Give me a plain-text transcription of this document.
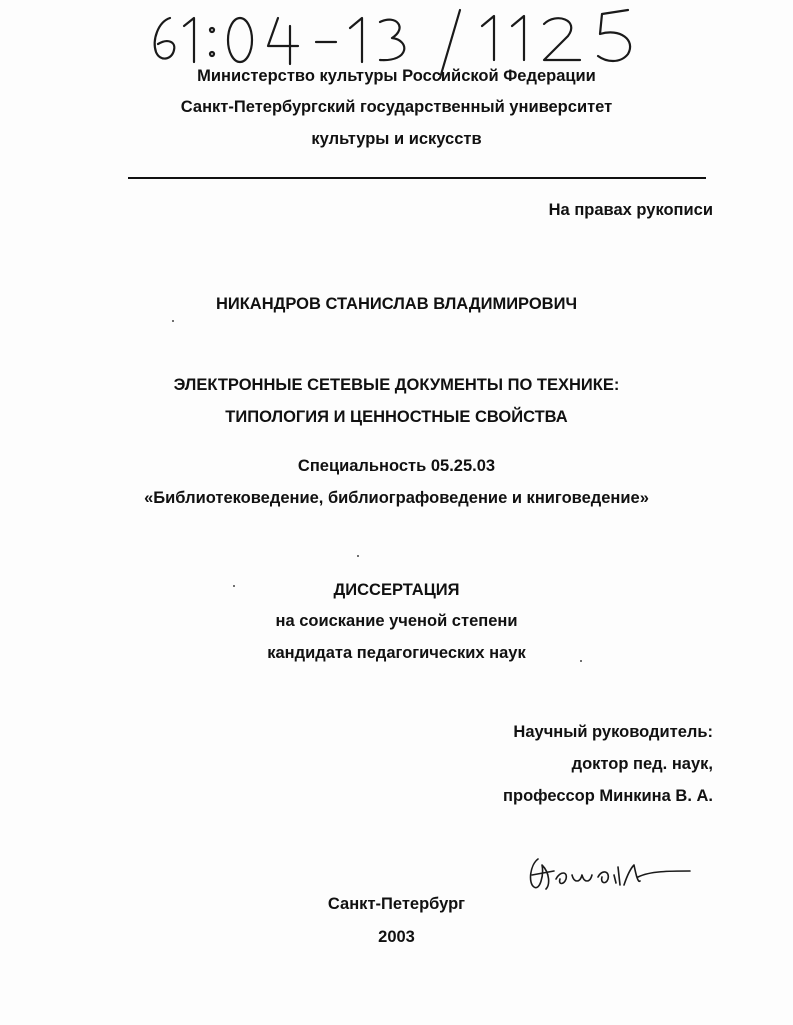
Министерство культуры Российской Федерации
Санкт-Петербургский государственный университет
культуры и искусств
На правах рукописи
НИКАНДРОВ СТАНИСЛАВ ВЛАДИМИРОВИЧ
ЭЛЕКТРОННЫЕ СЕТЕВЫЕ ДОКУМЕНТЫ ПО ТЕХНИКЕ:
ТИПОЛОГИЯ И ЦЕННОСТНЫЕ СВОЙСТВА
Специальность 05.25.03
«Библиотековедение, библиографоведение и книговедение»
ДИССЕРТАЦИЯ
на соискание ученой степени
кандидата педагогических наук
Научный руководитель:
доктор пед. наук,
профессор Минкина В. А.
Санкт-Петербург
2003
